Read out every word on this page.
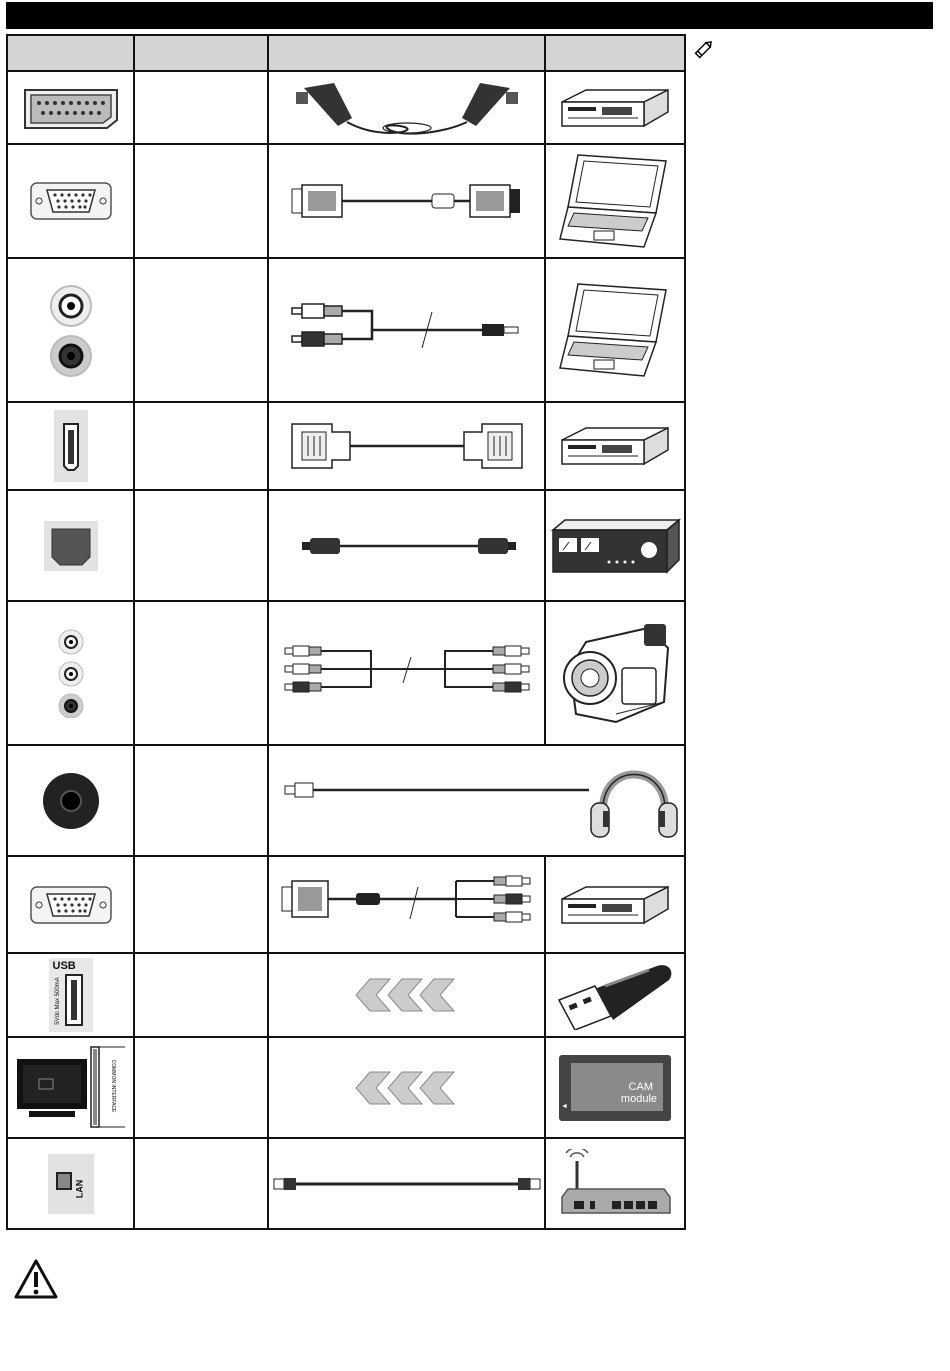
USB
5Vdc Max 500mA

COMMON INTERFACE			◄
CAM
module

LAN
